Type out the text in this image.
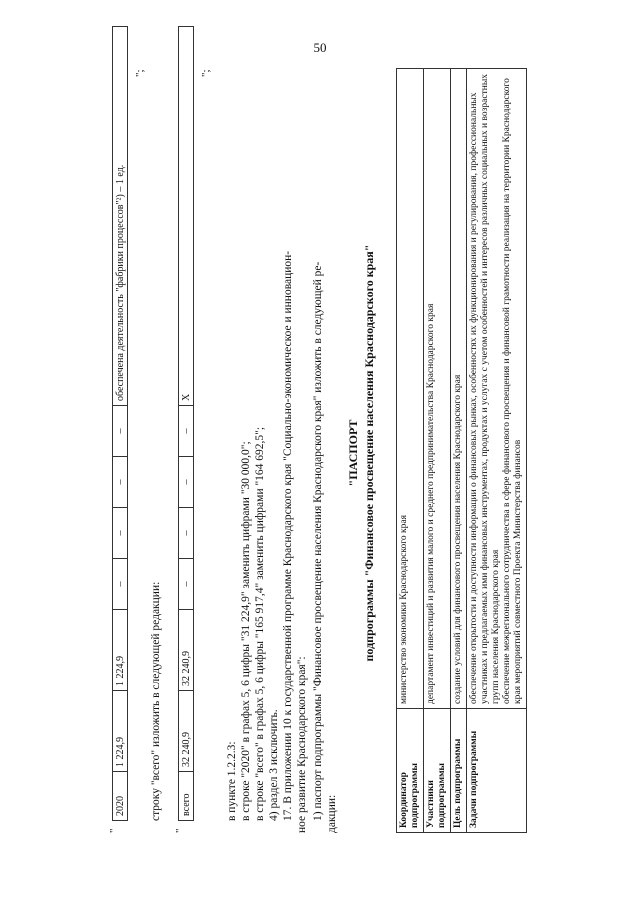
50
"
2020	1 224,9	1 224,9	–	–	–	–	обеспечена деятельность "фабрики процессов"²) – 1 ед.
";
строку "всего" изложить в следующей редакции:
"
всего	32 240,9	32 240,9	–	–	–	–	Х
";
в пункте 1.2.2.3: в строке "2020" в графах 5, 6 цифры "31 224,9" заменить цифрами "30 000,0"; в строке "всего" в графах 5, 6 цифры "165 917,4" заменить цифрами "164 692,5"; 4) раздел 3 исключить. 17. В приложении 10 к государственной программе Краснодарского края "Социально-экономическое и инновацион- ное развитие Краснодарского края": 1) паспорт подпрограммы "Финансовое просвещение населения Краснодарского края" изложить в следующей ре- дакции:
"ПАСПОРТ подпрограммы "Финансовое просвещение населения Краснодарского края"
Координатор подпрограммы	министерство экономики Краснодарского края
Участники подпрограммы	департамент инвестиций и развития малого и среднего предпринимательства Краснодарского края
Цель подпрограммы	создание условий для финансового просвещения населения Краснодарского края
Задачи подпрограммы	обеспечение открытости и доступности информации о финансовых рынках, особенностях их функционирования и регулирования, профессиональных участниках и предлагаемых ими финансовых инструментах, продуктах и услугах с учетом особенностей и интересов различных социальных и возрастных групп населения Краснодарского края обеспечение межрегионального сотрудничества в сфере финансового просвещения и финансовой грамотности реализация на территории Краснодарского края мероприятий совместного Проекта Министерства финансов
